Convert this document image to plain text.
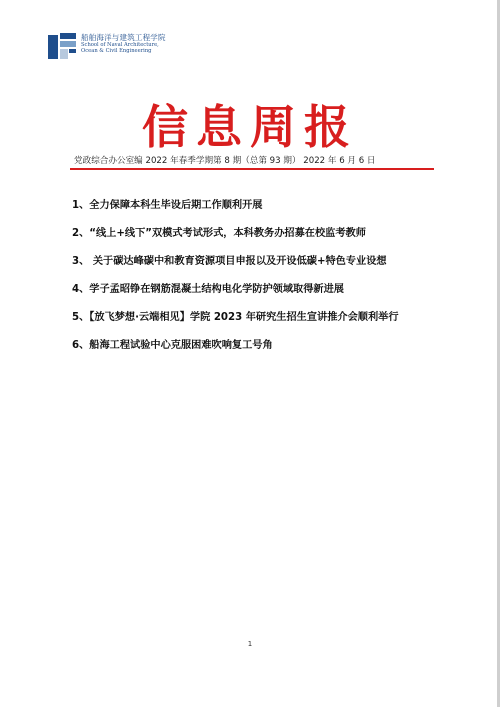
船舶海洋与建筑工程学院
School of Naval Architecture,
Ocean & Civil Engineering
信息周报
党政综合办公室编 2022 年春季学期第 8 期（总第 93 期） 2022 年 6 月 6 日
1、全力保障本科生毕设后期工作顺利开展
2、“线上+线下”双模式考试形式，本科教务办招募在校监考教师
3、 关于碳达峰碳中和教育资源项目申报以及开设低碳+特色专业设想
4、学子孟昭铮在钢筋混凝土结构电化学防护领域取得新进展
5、【放飞梦想·云端相见】学院 2023 年研究生招生宣讲推介会顺利举行
6、船海工程试验中心克服困难吹响复工号角
1
